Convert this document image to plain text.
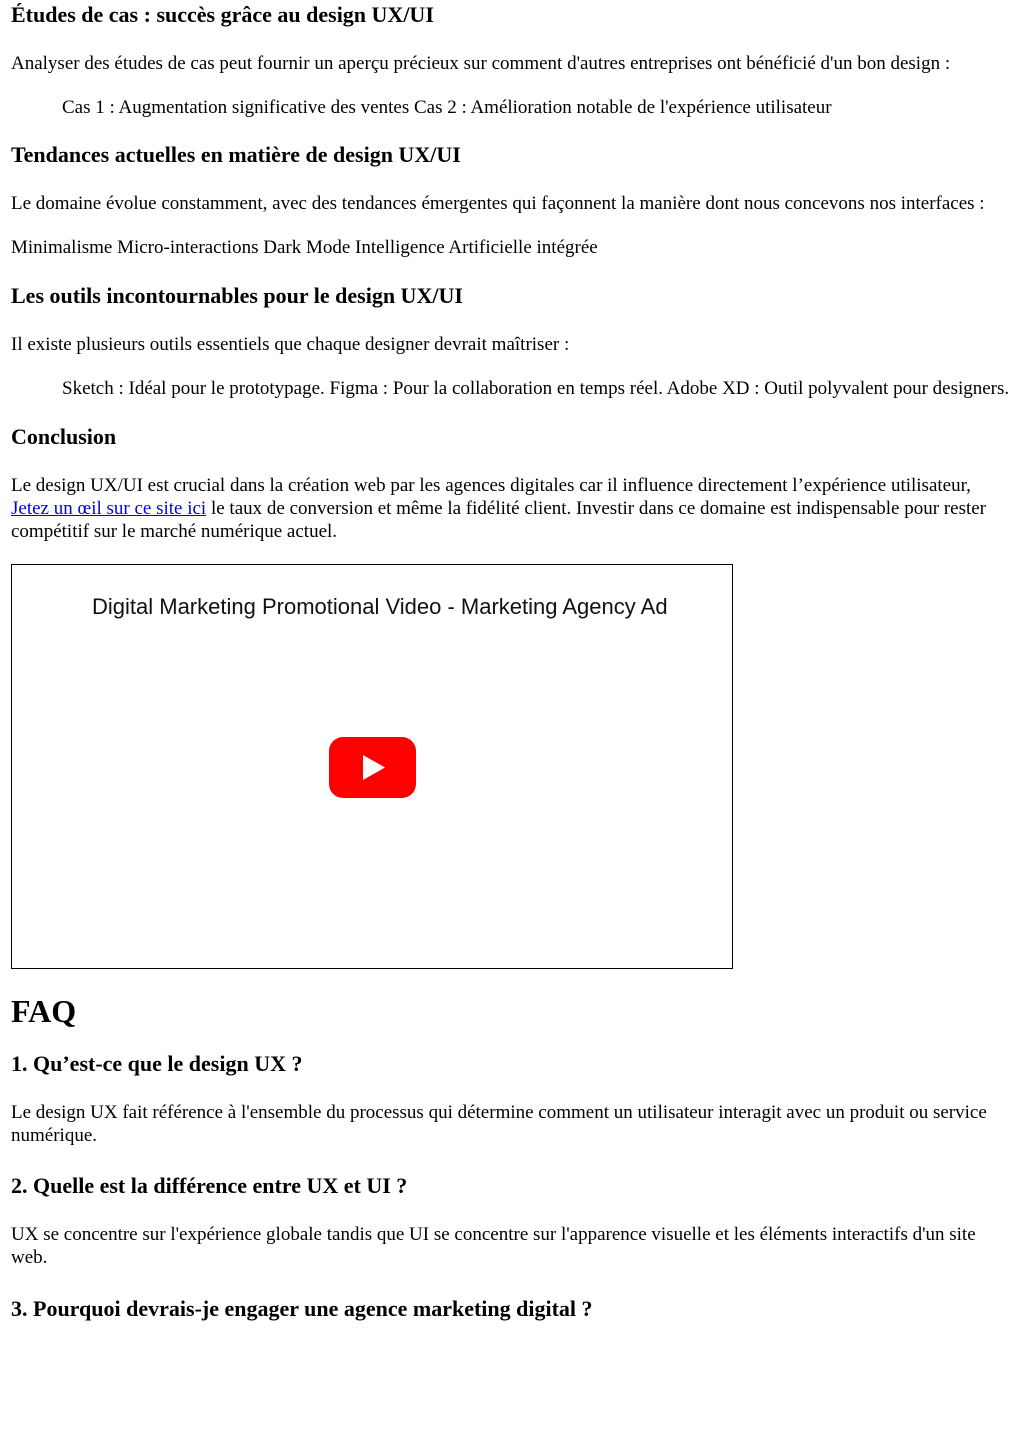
Études de cas : succès grâce au design UX/UI

Analyser des études de cas peut fournir un aperçu précieux sur comment d'autres entreprises ont bénéficié d'un bon design :

Cas 1 : Augmentation significative des ventes Cas 2 : Amélioration notable de l'expérience utilisateur

Tendances actuelles en matière de design UX/UI

Le domaine évolue constamment, avec des tendances émergentes qui façonnent la manière dont nous concevons nos interfaces :

Minimalisme Micro-interactions Dark Mode Intelligence Artificielle intégrée

Les outils incontournables pour le design UX/UI

Il existe plusieurs outils essentiels que chaque designer devrait maîtriser :

Sketch : Idéal pour le prototypage. Figma : Pour la collaboration en temps réel. Adobe XD : Outil polyvalent pour designers.

Conclusion

Le design UX/UI est crucial dans la création web par les agences digitales car il influence directement l’expérience utilisateur, Jetez un œil sur ce site ici le taux de conversion et même la fidélité client. Investir dans ce domaine est indispensable pour rester compétitif sur le marché numérique actuel.

Digital Marketing Promotional Video - Marketing Agency Ad
FAQ
1. Qu’est-ce que le design UX ?

Le design UX fait référence à l'ensemble du processus qui détermine comment un utilisateur interagit avec un produit ou service numérique.

2. Quelle est la différence entre UX et UI ?

UX se concentre sur l'expérience globale tandis que UI se concentre sur l'apparence visuelle et les éléments interactifs d'un site web.

3. Pourquoi devrais-je engager une agence marketing digital ?
